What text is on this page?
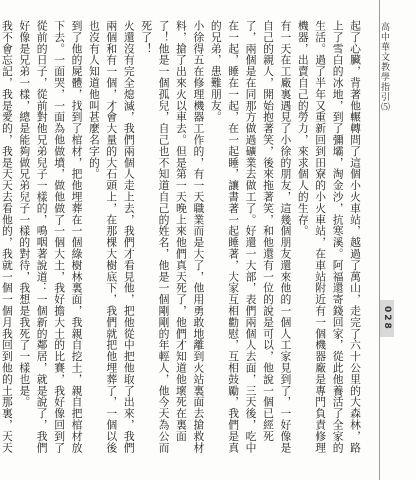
高中華文教學指引⑸
028

起了心臟，背著他輾轉問了這個小火車站，越過了萬山，走完了六十公里的大森林，路上了雪白的冰地，到了彌壩，淘金沙，抗寒溪。阿福還寄錢回家，從此他養活了全家的生活。過了半年又重新回到田寮的小火車站，在車站附近有一個機器廠是專門負責修理機器，出賣自己的勞力，來求個人的生存。

有一天在工廠裏遇見了小徐的朋友，這幾個朋友還來他的一個人工家見到了，一好像是自己的親人，開始抱著笑，後來拖著笑，和他還有一位的說是可以，他說一個已經死了，兩個是在同那方做過礦業去做工了。好還一大部，表們兩個人去面，三天後，吃中在一起，睡在一起，在一起睡，讓書著一起睡著，大家互相勸慰，互相鼓勵，我們是真的兄弟，患難朋友。

小徐得五在修理機器工作的，有一天職業而是大了，他用勇敢地離到火站裏面去搶救材料，搶了出來火以車去。但是第一天晚上來他們真天死了，他們才知道他壞死在裏面了！他是一個孤兒，自己也不知道自己的姓名，他是一個剛剛的年輕人，他今天為公而死了！

火還沒有完全熄滅，我們兩個人走上去，我們才看見他，把他從中把他取了出來，我們兩個和有一個，才會大量的大石頭上，在那棵大樹底下，我們就把他埋葬了，一個以後也沒有人知道他叫甚麼名字的。

到了他的屍體，找到了棺材，把他埋葬在一個綠樹林裏面，我親自挖土，親自把棺材放下去。一面哭，一面為他做墳，做他做了一個大土，我好擔大土的比賽，我好像回到了從前的日子，從前對他兄弟兒子一樣的，鳴咽著說道：一個新的鄰居，就是說了，我們好像是兄弟一樣，總是能夠做兄弟兒子一樣的對待，我想是我死了一樣也是。

我不會忘記，我是愛的，我是天天去看他的，我就一個一個月我回到他的土那裏，天天
